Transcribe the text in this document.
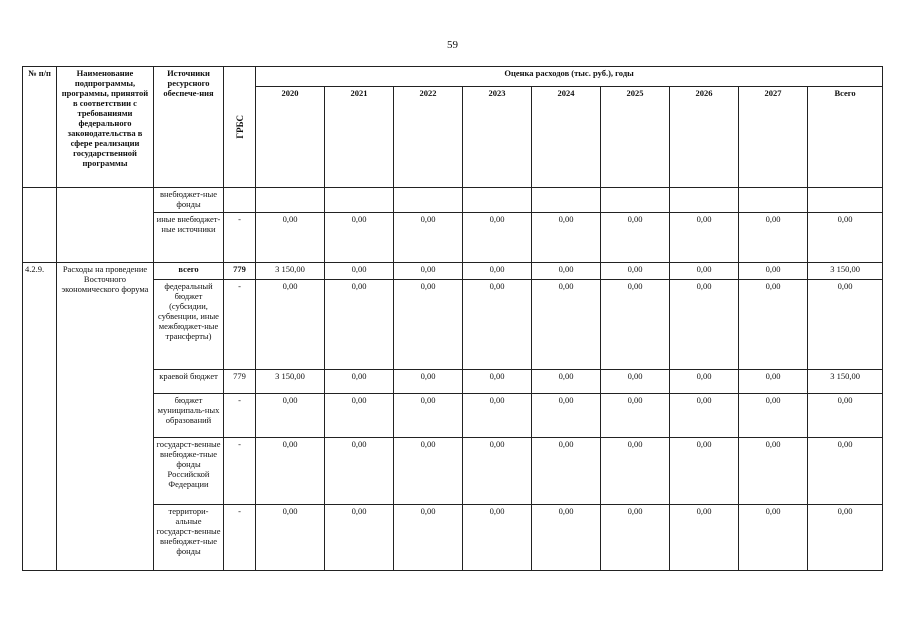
59
№ п/п	Наименование подпрограммы, программы, принятой в соответствии с требованиями федерального законодательства в сфере реализации государственной программы	Источники ресурсного обеспече-ния	ГРБС	Оценка расходов (тыс. руб.), годы								
				2020	2021	2022	2023	2024	2025	2026	2027	Всего
		внебюджет-ные фонды										
		иные внебюджет-ные источники	-	0,00	0,00	0,00	0,00	0,00	0,00	0,00	0,00	0,00
4.2.9.	Расходы на проведение Восточного экономического форума	всего	779	3 150,00	0,00	0,00	0,00	0,00	0,00	0,00	0,00	3 150,00
		федеральный бюджет (субсидии, субвенции, иные межбюджет-ные трансферты)	-	0,00	0,00	0,00	0,00	0,00	0,00	0,00	0,00	0,00
		краевой бюджет	779	3 150,00	0,00	0,00	0,00	0,00	0,00	0,00	0,00	3 150,00
		бюджет муниципаль-ных образований	-	0,00	0,00	0,00	0,00	0,00	0,00	0,00	0,00	0,00
		государст-венные внебюдже-тные фонды Российской Федерации	-	0,00	0,00	0,00	0,00	0,00	0,00	0,00	0,00	0,00
		территори-альные государст-венные внебюджет-ные фонды	-	0,00	0,00	0,00	0,00	0,00	0,00	0,00	0,00	0,00
